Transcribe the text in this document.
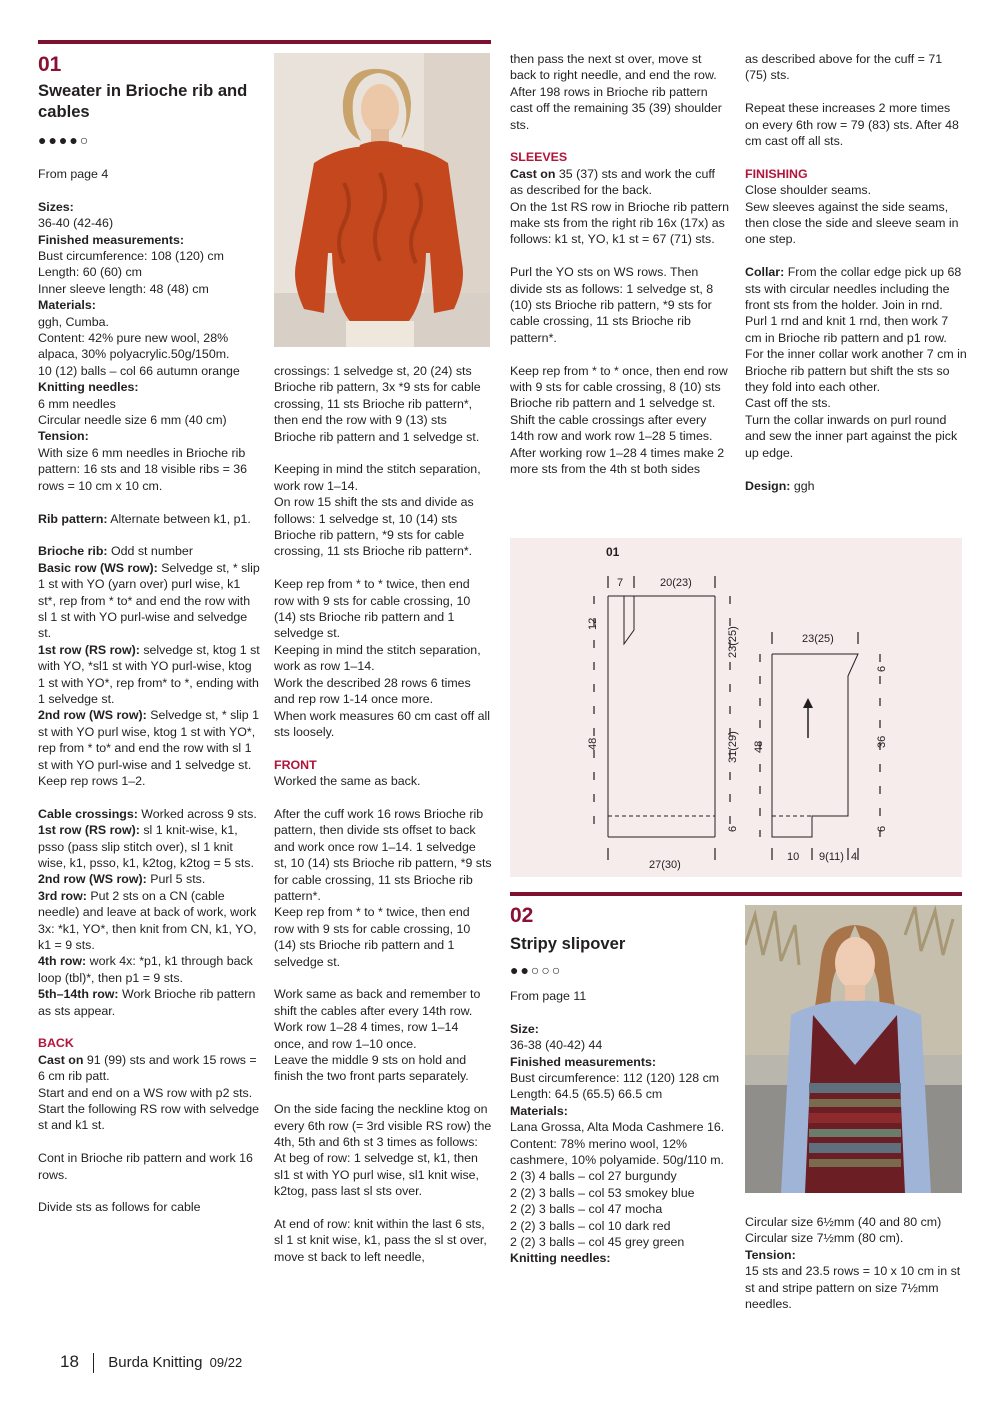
01
Sweater in Brioche rib and cables
●●●●○

From page 4

Sizes:

36-40 (42-46)

Finished measurements:

Bust circumference: 108 (120) cm

Length: 60 (60) cm

Inner sleeve length: 48 (48) cm

Materials:

ggh, Cumba.

Content: 42% pure new wool, 28% alpaca, 30% polyacrylic.50g/150m.

10 (12) balls – col 66 autumn orange

Knitting needles:

6 mm needles

Circular needle size 6 mm (40 cm)

Tension:

With size 6 mm needles in Brioche rib pattern: 16 sts and 18 visible ribs = 36 rows = 10 cm x 10 cm.

Rib pattern: Alternate between k1, p1.

Brioche rib: Odd st number

Basic row (WS row): Selvedge st, * slip 1 st with YO (yarn over) purl wise, k1 st*, rep from * to* and end the row with sl 1 st with YO purl-wise and selvedge st.

1st row (RS row): selvedge st, ktog 1 st with YO, *sl1 st with YO purl-wise, ktog 1 st with YO*, rep from* to *, ending with 1 selvedge st.

2nd row (WS row): Selvedge st, * slip 1 st with YO purl wise, ktog 1 st with YO*, rep from * to* and end the row with sl 1 st with YO purl-wise and 1 selvedge st.

Keep rep rows 1–2.

Cable crossings: Worked across 9 sts.

1st row (RS row): sl 1 knit-wise, k1, psso (pass slip stitch over), sl 1 knit wise, k1, psso, k1, k2tog, k2tog = 5 sts.

2nd row (WS row): Purl 5 sts.

3rd row: Put 2 sts on a CN (cable needle) and leave at back of work, work 3x: *k1, YO*, then knit from CN, k1, YO, k1 = 9 sts.

4th row: work 4x: *p1, k1 through back loop (tbl)*, then p1 = 9 sts.

5th–14th row: Work Brioche rib pattern as sts appear.

BACK

Cast on 91 (99) sts and work 15 rows = 6 cm rib patt.

Start and end on a WS row with p2 sts.

Start the following RS row with selvedge st and k1 st.

Cont in Brioche rib pattern and work 16 rows.

Divide sts as follows for cable

crossings: 1 selvedge st, 20 (24) sts Brioche rib pattern, 3x *9 sts for cable crossing, 11 sts Brioche rib pattern*, then end the row with 9 (13) sts Brioche rib pattern and 1 selvedge st.

Keeping in mind the stitch separation, work row 1–14.

On row 15 shift the sts and divide as follows: 1 selvedge st, 10 (14) sts Brioche rib pattern, *9 sts for cable crossing, 11 sts Brioche rib pattern*.

Keep rep from * to * twice, then end row with 9 sts for cable crossing, 10 (14) sts Brioche rib pattern and 1 selvedge st.

Keeping in mind the stitch separation, work as row 1–14.

Work the described 28 rows 6 times and rep row 1-14 once more.

When work measures 60 cm cast off all sts loosely.

FRONT

Worked the same as back.

After the cuff work 16 rows Brioche rib pattern, then divide sts offset to back and work once row 1–14. 1 selvedge st, 10 (14) sts Brioche rib pattern, *9 sts for cable crossing, 11 sts Brioche rib pattern*.

Keep rep from * to * twice, then end row with 9 sts for cable crossing, 10 (14) sts Brioche rib pattern and 1 selvedge st.

Work same as back and remember to shift the cables after every 14th row.

Work row 1–28 4 times, row 1–14 once, and row 1–10 once.

Leave the middle 9 sts on hold and finish the two front parts separately.

On the side facing the neckline ktog on every 6th row (= 3rd visible RS row) the 4th, 5th and 6th st 3 times as follows: At beg of row: 1 selvedge st, k1, then sl1 st with YO purl wise, sl1 knit wise, k2tog, pass last sl sts over.

At end of row: knit within the last 6 sts, sl 1 st knit wise, k1, pass the sl st over, move st back to left needle,

then pass the next st over, move st back to right needle, and end the row.

After 198 rows in Brioche rib pattern cast off the remaining 35 (39) shoulder sts.

SLEEVES

Cast on 35 (37) sts and work the cuff as described for the back.

On the 1st RS row in Brioche rib pattern make sts from the right rib 16x (17x) as follows: k1 st, YO, k1 st = 67 (71) sts.

Purl the YO sts on WS rows. Then divide sts as follows: 1 selvedge st, 8 (10) sts Brioche rib pattern, *9 sts for cable crossing, 11 sts Brioche rib pattern*.

Keep rep from * to * once, then end row with 9 sts for cable crossing, 8 (10) sts Brioche rib pattern and 1 selvedge st. Shift the cable crossings after every 14th row and work row 1–28 5 times. After working row 1–28 4 times make 2 more sts from the 4th st both sides

as described above for the cuff = 71 (75) sts.

Repeat these increases 2 more times on every 6th row = 79 (83) sts. After 48 cm cast off all sts.

FINISHING

Close shoulder seams.

Sew sleeves against the side seams, then close the side and sleeve seam in one step.

Collar: From the collar edge pick up 68 sts with circular needles including the front sts from the holder. Join in rnd. Purl 1 rnd and knit 1 rnd, then work 7 cm in Brioche rib pattern and p1 row.

For the inner collar work another 7 cm in Brioche rib pattern but shift the sts so they fold into each other.

Cast off the sts.

Turn the collar inwards on purl round and sew the inner part against the pick up edge.

Design: ggh

01
7	20(23)
27(30)
12
48
23(25)
31(29)
6
23(25)
48
6
36
6
10 9(11) 4
02
Stripy slipover
●●○○○

From page 11

Size:

36-38 (40-42) 44

Finished measurements:

Bust circumference: 112 (120) 128 cm

Length: 64.5 (65.5) 66.5 cm

Materials:

Lana Grossa, Alta Moda Cashmere 16.

Content: 78% merino wool, 12% cashmere, 10% polyamide. 50g/110 m.

2 (3) 4 balls – col 27 burgundy

2 (2) 3 balls – col 53 smokey blue

2 (2) 3 balls – col 47 mocha

2 (2) 3 balls – col 10 dark red

2 (2) 3 balls – col 45 grey green

Knitting needles:

Circular size 6½mm (40 and 80 cm)

Circular size 7½mm (80 cm).

Tension:

15 sts and 23.5 rows = 10 x 10 cm in st st and stripe pattern on size 7½mm needles.

18 Burda Knitting 09/22
